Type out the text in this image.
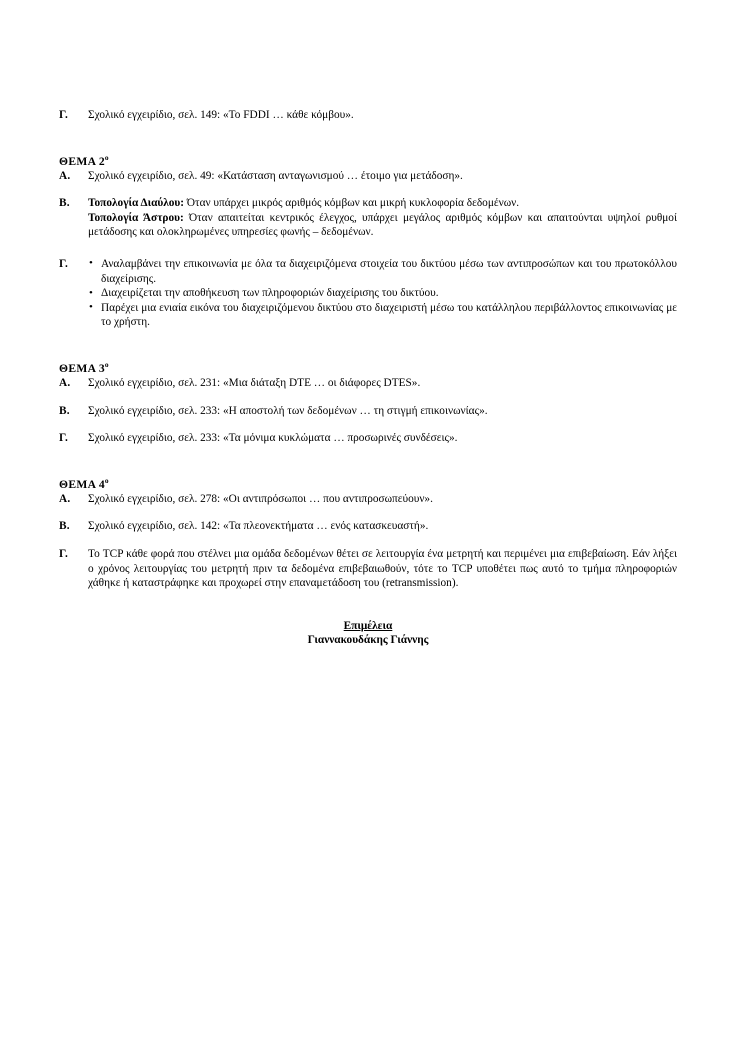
Γ.	Σχολικό εγχειρίδιο, σελ. 149: «Το FDDI … κάθε κόμβου».
ΘΕΜΑ $2^o$
Α.	Σχολικό εγχειρίδιο, σελ. 49: «Κατάσταση ανταγωνισμού … έτοιμο για μετάδοση».
Β.	Τοπολογία Διαύλου: Όταν υπάρχει μικρός αριθμός κόμβων και μικρή κυκλοφορία δεδομένων.
Τοπολογία Άστρου: Όταν απαιτείται κεντρικός έλεγχος, υπάρχει μεγάλος αριθμός κόμβων και απαιτούνται υψηλοί ρυθμοί μετάδοσης και ολοκληρωμένες υπηρεσίες φωνής – δεδομένων.
Γ.	• Αναλαμβάνει την επικοινωνία με όλα τα διαχειριζόμενα στοιχεία του δικτύου μέσω των αντιπροσώπων και του πρωτοκόλλου διαχείρισης.
• Διαχειρίζεται την αποθήκευση των πληροφοριών διαχείρισης του δικτύου.
• Παρέχει μια ενιαία εικόνα του διαχειριζόμενου δικτύου στο διαχειριστή μέσω του κατάλληλου περιβάλλοντος επικοινωνίας με το χρήστη.
ΘΕΜΑ $3^o$
Α.	Σχολικό εγχειρίδιο, σελ. 231: «Μια διάταξη DTE … οι διάφορες DTES».
Β.	Σχολικό εγχειρίδιο, σελ. 233: «Η αποστολή των δεδομένων … τη στιγμή επικοινωνίας».
Γ.	Σχολικό εγχειρίδιο, σελ. 233: «Τα μόνιμα κυκλώματα … προσωρινές συνδέσεις».
ΘΕΜΑ $4^o$
Α.	Σχολικό εγχειρίδιο, σελ. 278: «Οι αντιπρόσωποι … που αντιπροσωπεύουν».
Β.	Σχολικό εγχειρίδιο, σελ. 142: «Τα πλεονεκτήματα … ενός κατασκευαστή».
Γ.	Το TCP κάθε φορά που στέλνει μια ομάδα δεδομένων θέτει σε λειτουργία ένα μετρητή και περιμένει μια επιβεβαίωση. Εάν λήξει ο χρόνος λειτουργίας του μετρητή πριν τα δεδομένα επιβεβαιωθούν, τότε το TCP υποθέτει πως αυτό το τμήμα πληροφοριών χάθηκε ή καταστράφηκε και προχωρεί στην επαναμετάδοση του (retransmission).
Επιμέλεια
Γιαννακουδάκης Γιάννης
